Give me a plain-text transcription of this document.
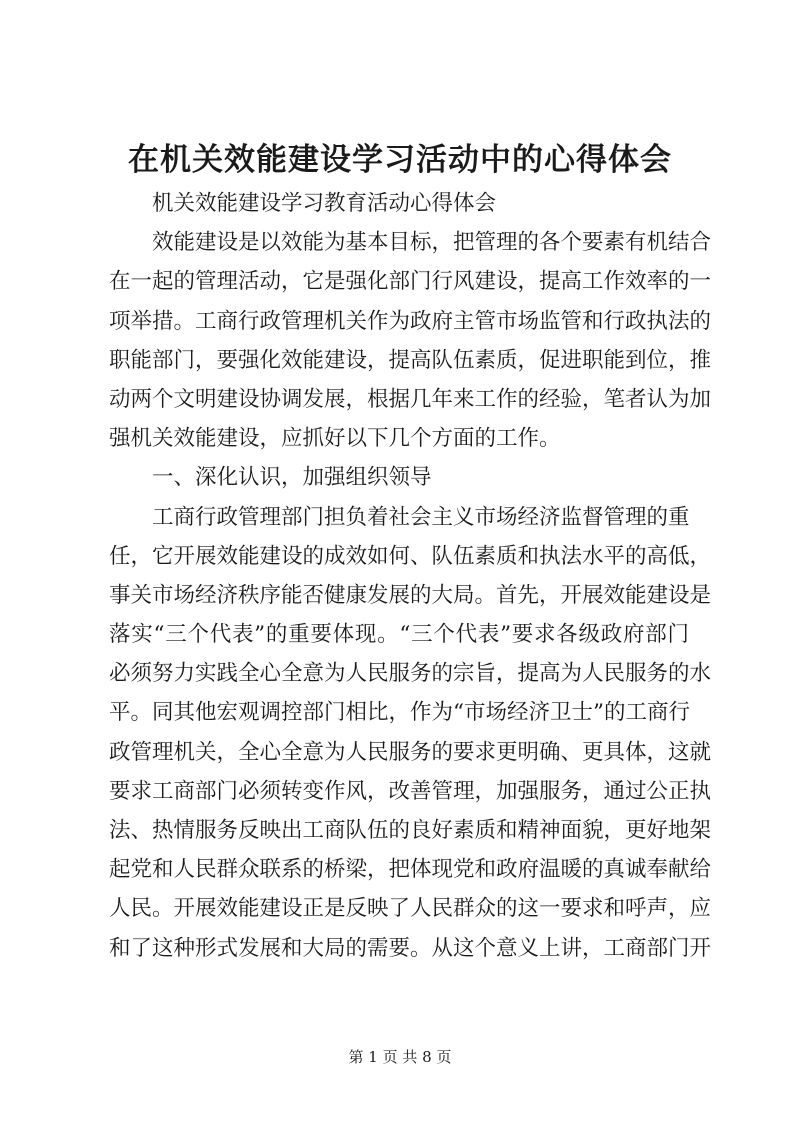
在机关效能建设学习活动中的心得体会
机关效能建设学习教育活动心得体会
效能建设是以效能为基本目标，把管理的各个要素有机结合
在一起的管理活动，它是强化部门行风建设，提高工作效率的一
项举措。工商行政管理机关作为政府主管市场监管和行政执法的
职能部门，要强化效能建设，提高队伍素质，促进职能到位，推
动两个文明建设协调发展，根据几年来工作的经验，笔者认为加
强机关效能建设，应抓好以下几个方面的工作。
一、深化认识，加强组织领导
工商行政管理部门担负着社会主义市场经济监督管理的重
任，它开展效能建设的成效如何、队伍素质和执法水平的高低，
事关市场经济秩序能否健康发展的大局。首先，开展效能建设是
落实“三个代表”的重要体现。“三个代表”要求各级政府部门
必须努力实践全心全意为人民服务的宗旨，提高为人民服务的水
平。同其他宏观调控部门相比，作为“市场经济卫士”的工商行
政管理机关，全心全意为人民服务的要求更明确、更具体，这就
要求工商部门必须转变作风，改善管理，加强服务，通过公正执
法、热情服务反映出工商队伍的良好素质和精神面貌，更好地架
起党和人民群众联系的桥梁，把体现党和政府温暖的真诚奉献给
人民。开展效能建设正是反映了人民群众的这一要求和呼声，应
和了这种形式发展和大局的需要。从这个意义上讲，工商部门开
第 1 页 共 8 页
